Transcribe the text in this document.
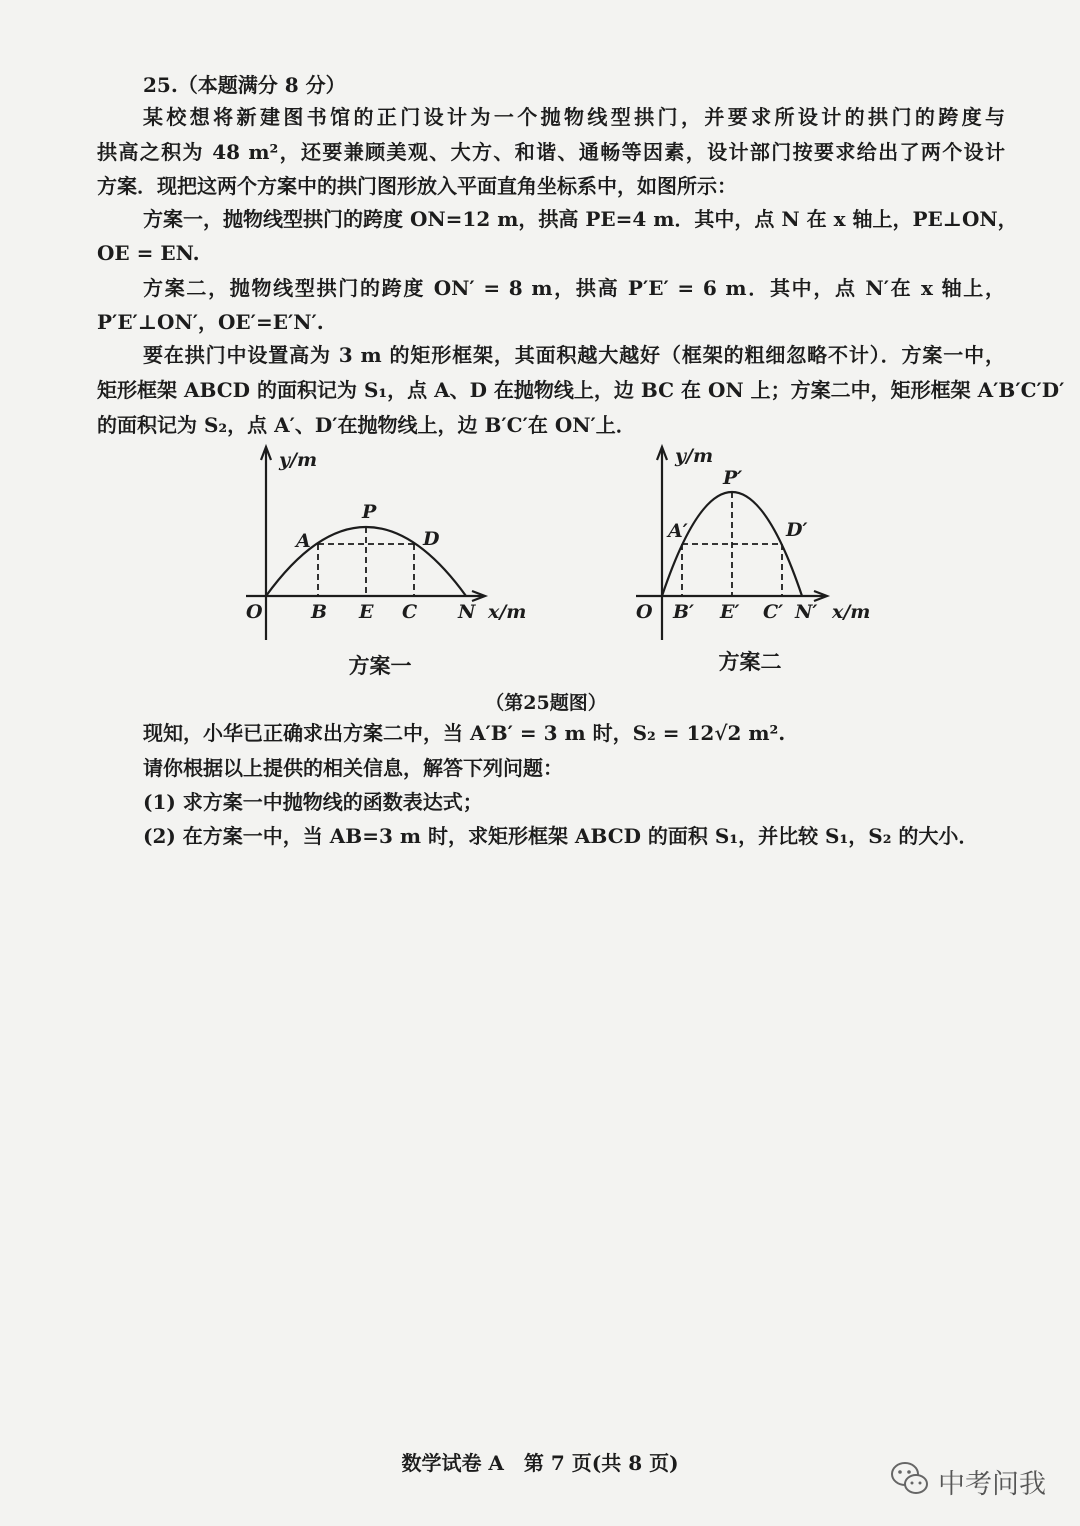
25.（本题满分 8 分）
某校想将新建图书馆的正门设计为一个抛物线型拱门，并要求所设计的拱门的跨度与
拱高之积为 48 m²，还要兼顾美观、大方、和谐、通畅等因素，设计部门按要求给出了两个设计
方案．现把这两个方案中的拱门图形放入平面直角坐标系中，如图所示：
方案一，抛物线型拱门的跨度 ON=12 m，拱高 PE=4 m．其中，点 N 在 x 轴上，PE⊥ON，
OE = EN.
方案二，抛物线型拱门的跨度 ON′ = 8 m，拱高 P′E′ = 6 m．其中，点 N′在 x 轴上，
P′E′⊥ON′，OE′=E′N′.
要在拱门中设置高为 3 m 的矩形框架，其面积越大越好（框架的粗细忽略不计）．方案一中，
矩形框架 ABCD 的面积记为 S₁，点 A、D 在抛物线上，边 BC 在 ON 上；方案二中，矩形框架 A′B′C′D′
的面积记为 S₂，点 A′、D′在抛物线上，边 B′C′在 ON′上．
y/m
x/m
O	B E C N
P
A	D
方案一
y/m
x/m
O B′ E′ C′ N′
P′
A′	D′
方案二
（第25题图）
现知，小华已正确求出方案二中，当 A′B′ = 3 m 时，S₂ = 12√2 m².
请你根据以上提供的相关信息，解答下列问题：
(1) 求方案一中抛物线的函数表达式；
(2) 在方案一中，当 AB=3 m 时，求矩形框架 ABCD 的面积 S₁，并比较 S₁，S₂ 的大小．
数学试卷 A　第 7 页(共 8 页)
中考问我
